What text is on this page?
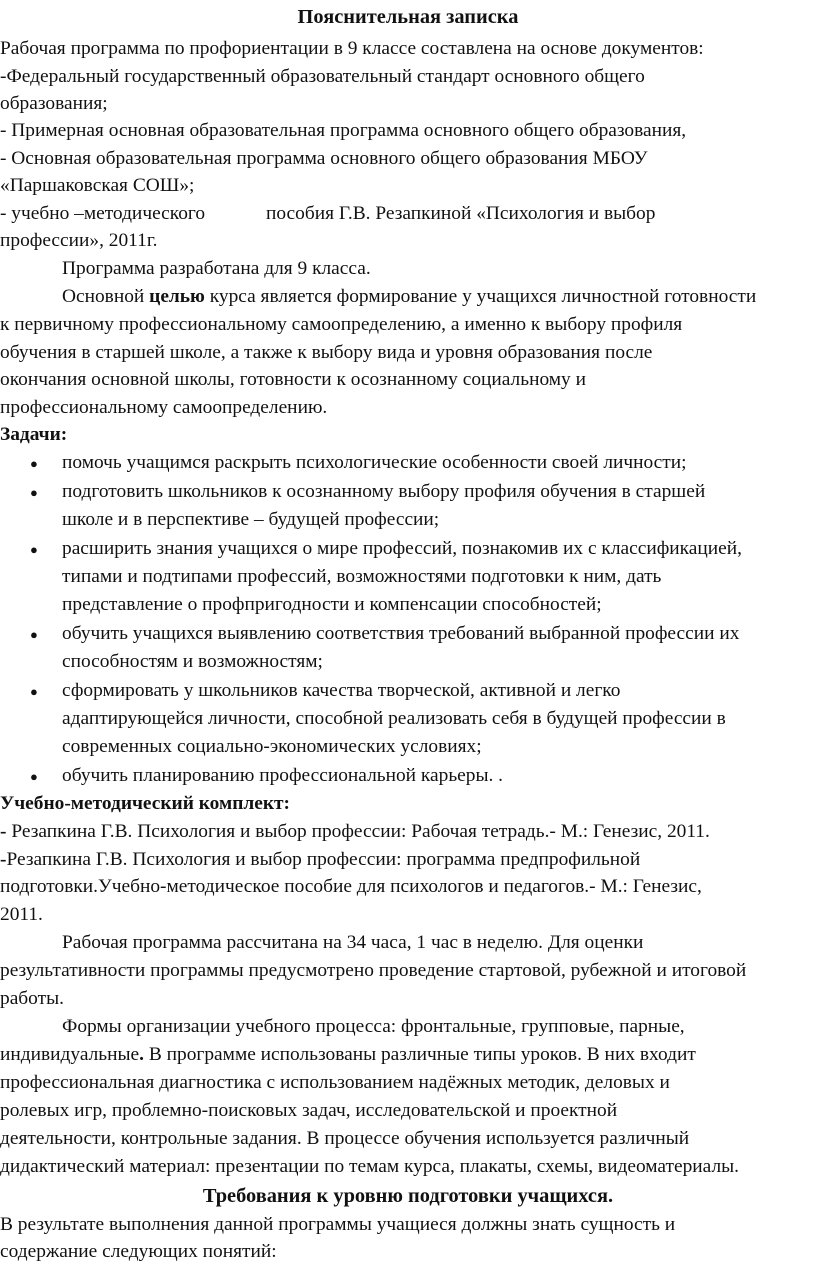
Пояснительная записка
Рабочая программа по профориентации в 9 классе составлена на основе документов:
-Федеральный государственный образовательный стандарт основного общего
образования;
- Примерная основная образовательная программа основного общего образования,
- Основная образовательная программа основного общего образования МБОУ
«Паршаковская СОШ»;
- учебно –методического	пособия Г.В. Резапкиной «Психология и выбор
профессии», 2011г.
Программа разработана для 9 класса.
Основной целью курса является формирование у учащихся личностной готовности
к первичному профессиональному самоопределению, а именно к выбору профиля
обучения в старшей школе, а также к выбору вида и уровня образования после
окончания основной школы, готовности к осознанному социальному и
профессиональному самоопределению.
Задачи:
● помочь учащимся раскрыть психологические особенности своей личности;
● подготовить школьников к осознанному выбору профиля обучения в старшей
школе и в перспективе – будущей профессии;
● расширить знания учащихся о мире профессий, познакомив их с классификацией,
типами и подтипами профессий, возможностями подготовки к ним, дать
представление о профпригодности и компенсации способностей;
● обучить учащихся выявлению соответствия требований выбранной профессии их
способностям и возможностям;
● сформировать у школьников качества творческой, активной и легко
адаптирующейся личности, способной реализовать себя в будущей профессии в
современных социально-экономических условиях;
● обучить планированию профессиональной карьеры. .
Учебно-методический комплект:
- Резапкина Г.В. Психология и выбор профессии: Рабочая тетрадь.- М.: Генезис, 2011.
-Резапкина Г.В. Психология и выбор профессии: программа предпрофильной
подготовки.Учебно-методическое пособие для психологов и педагогов.- М.: Генезис,
2011.
Рабочая программа рассчитана на 34 часа, 1 час в неделю. Для оценки
результативности программы предусмотрено проведение стартовой, рубежной и итоговой
работы.
Формы организации учебного процесса: фронтальные, групповые, парные,
индивидуальные. В программе использованы различные типы уроков. В них входит
профессиональная диагностика с использованием надёжных методик, деловых и
ролевых игр, проблемно-поисковых задач, исследовательской и проектной
деятельности, контрольные задания. В процессе обучения используется различный
дидактический материал: презентации по темам курса, плакаты, схемы, видеоматериалы.
Требования к уровню подготовки учащихся.
В результате выполнения данной программы учащиеся должны знать сущность и
содержание следующих понятий:
